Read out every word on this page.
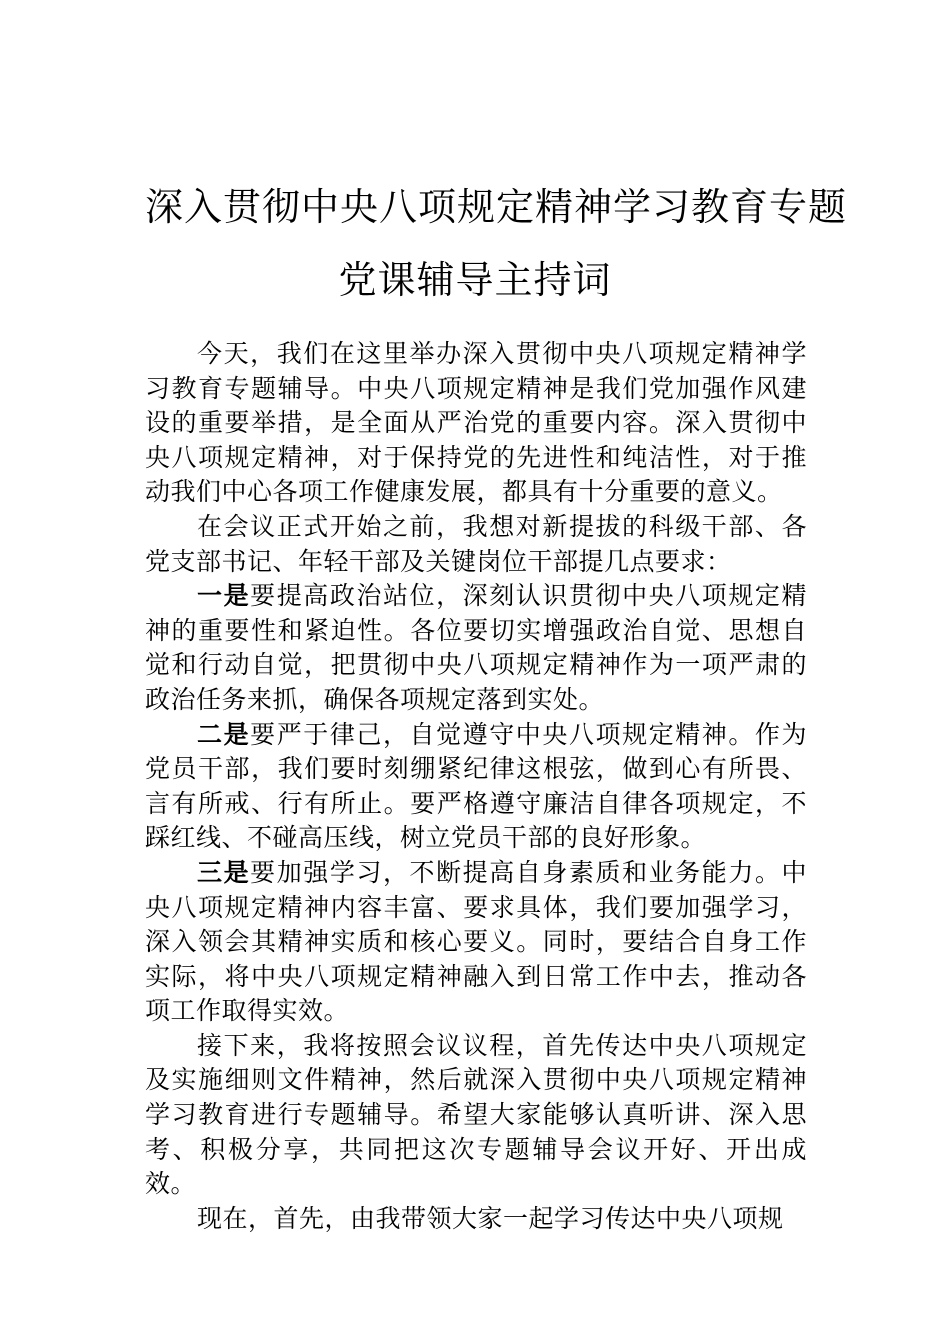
深入贯彻中央八项规定精神学习教育专题
党课辅导主持词

今天，我们在这里举办深入贯彻中央八项规定精神学习教育专题辅导。中央八项规定精神是我们党加强作风建设的重要举措，是全面从严治党的重要内容。深入贯彻中央八项规定精神，对于保持党的先进性和纯洁性，对于推动我们中心各项工作健康发展，都具有十分重要的意义。

在会议正式开始之前，我想对新提拔的科级干部、各党支部书记、年轻干部及关键岗位干部提几点要求：

一是要提高政治站位，深刻认识贯彻中央八项规定精神的重要性和紧迫性。各位要切实增强政治自觉、思想自觉和行动自觉，把贯彻中央八项规定精神作为一项严肃的政治任务来抓，确保各项规定落到实处。

二是要严于律己，自觉遵守中央八项规定精神。作为党员干部，我们要时刻绷紧纪律这根弦，做到心有所畏、言有所戒、行有所止。要严格遵守廉洁自律各项规定，不踩红线、不碰高压线，树立党员干部的良好形象。

三是要加强学习，不断提高自身素质和业务能力。中央八项规定精神内容丰富、要求具体，我们要加强学习，深入领会其精神实质和核心要义。同时，要结合自身工作实际，将中央八项规定精神融入到日常工作中去，推动各项工作取得实效。

接下来，我将按照会议议程，首先传达中央八项规定及实施细则文件精神，然后就深入贯彻中央八项规定精神学习教育进行专题辅导。希望大家能够认真听讲、深入思考、积极分享，共同把这次专题辅导会议开好、开出成效。

现在，首先，由我带领大家一起学习传达中央八项规
